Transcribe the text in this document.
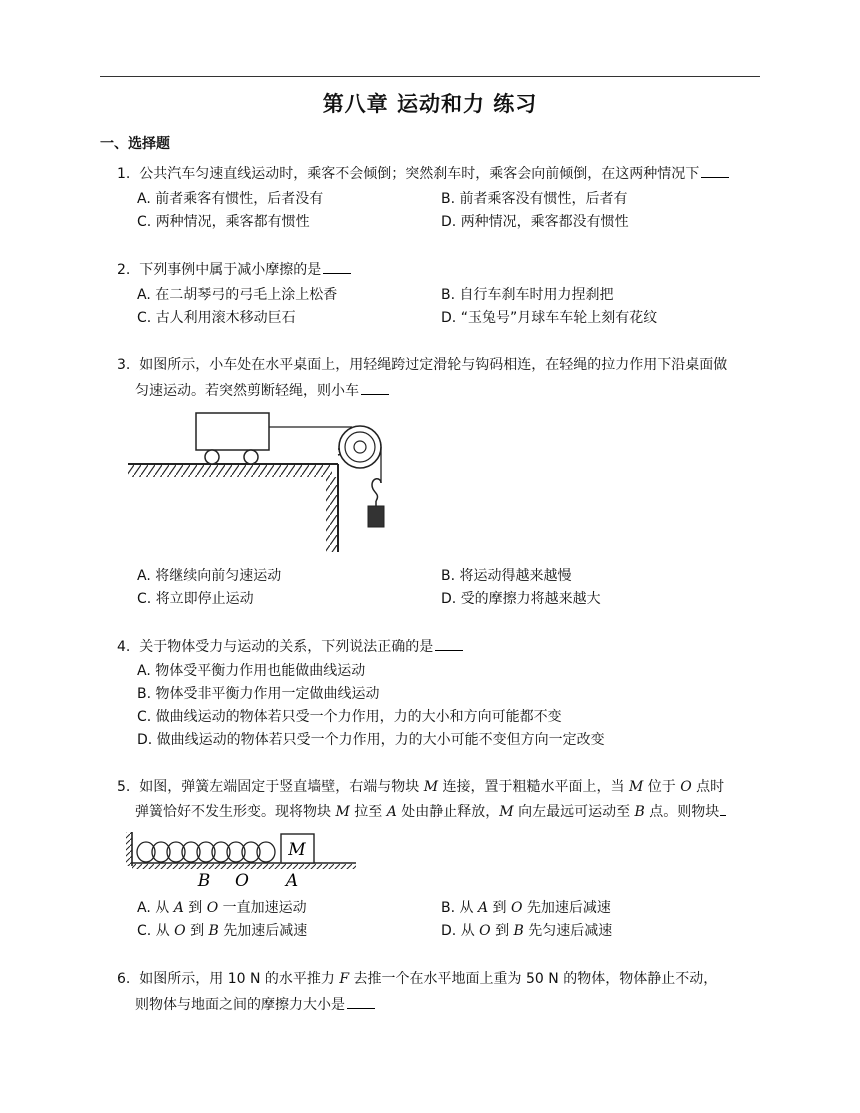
第八章 运动和力 练习
一、选择题
1. 公共汽车匀速直线运动时，乘客不会倾倒；突然刹车时，乘客会向前倾倒，在这两种情况下
A. 前者乘客有惯性，后者没有	B. 前者乘客没有惯性，后者有
C. 两种情况，乘客都有惯性	D. 两种情况，乘客都没有惯性
2. 下列事例中属于减小摩擦的是
A. 在二胡琴弓的弓毛上涂上松香	B. 自行车刹车时用力捏刹把
C. 古人利用滚木移动巨石	D. “玉兔号”月球车车轮上刻有花纹
3. 如图所示，小车处在水平桌面上，用轻绳跨过定滑轮与钩码相连，在轻绳的拉力作用下沿桌面做
匀速运动。若突然剪断轻绳，则小车
A. 将继续向前匀速运动	B. 将运动得越来越慢
C. 将立即停止运动	D. 受的摩擦力将越来越大
4. 关于物体受力与运动的关系，下列说法正确的是
A. 物体受平衡力作用也能做曲线运动
B. 物体受非平衡力作用一定做曲线运动
C. 做曲线运动的物体若只受一个力作用，力的大小和方向可能都不变
D. 做曲线运动的物体若只受一个力作用，力的大小可能不变但方向一定改变
5. 如图，弹簧左端固定于竖直墙壁，右端与物块 M 连接，置于粗糙水平面上，当 M 位于 O 点时
弹簧恰好不发生形变。现将物块 M 拉至 A 处由静止释放，M 向左最远可运动至 B 点。则物块
M
B O A
A. 从 A 到 O 一直加速运动	B. 从 A 到 O 先加速后减速
C. 从 O 到 B 先加速后减速	D. 从 O 到 B 先匀速后减速
6. 如图所示，用 10 N 的水平推力 F 去推一个在水平地面上重为 50 N 的物体，物体静止不动，
则物体与地面之间的摩擦力大小是
